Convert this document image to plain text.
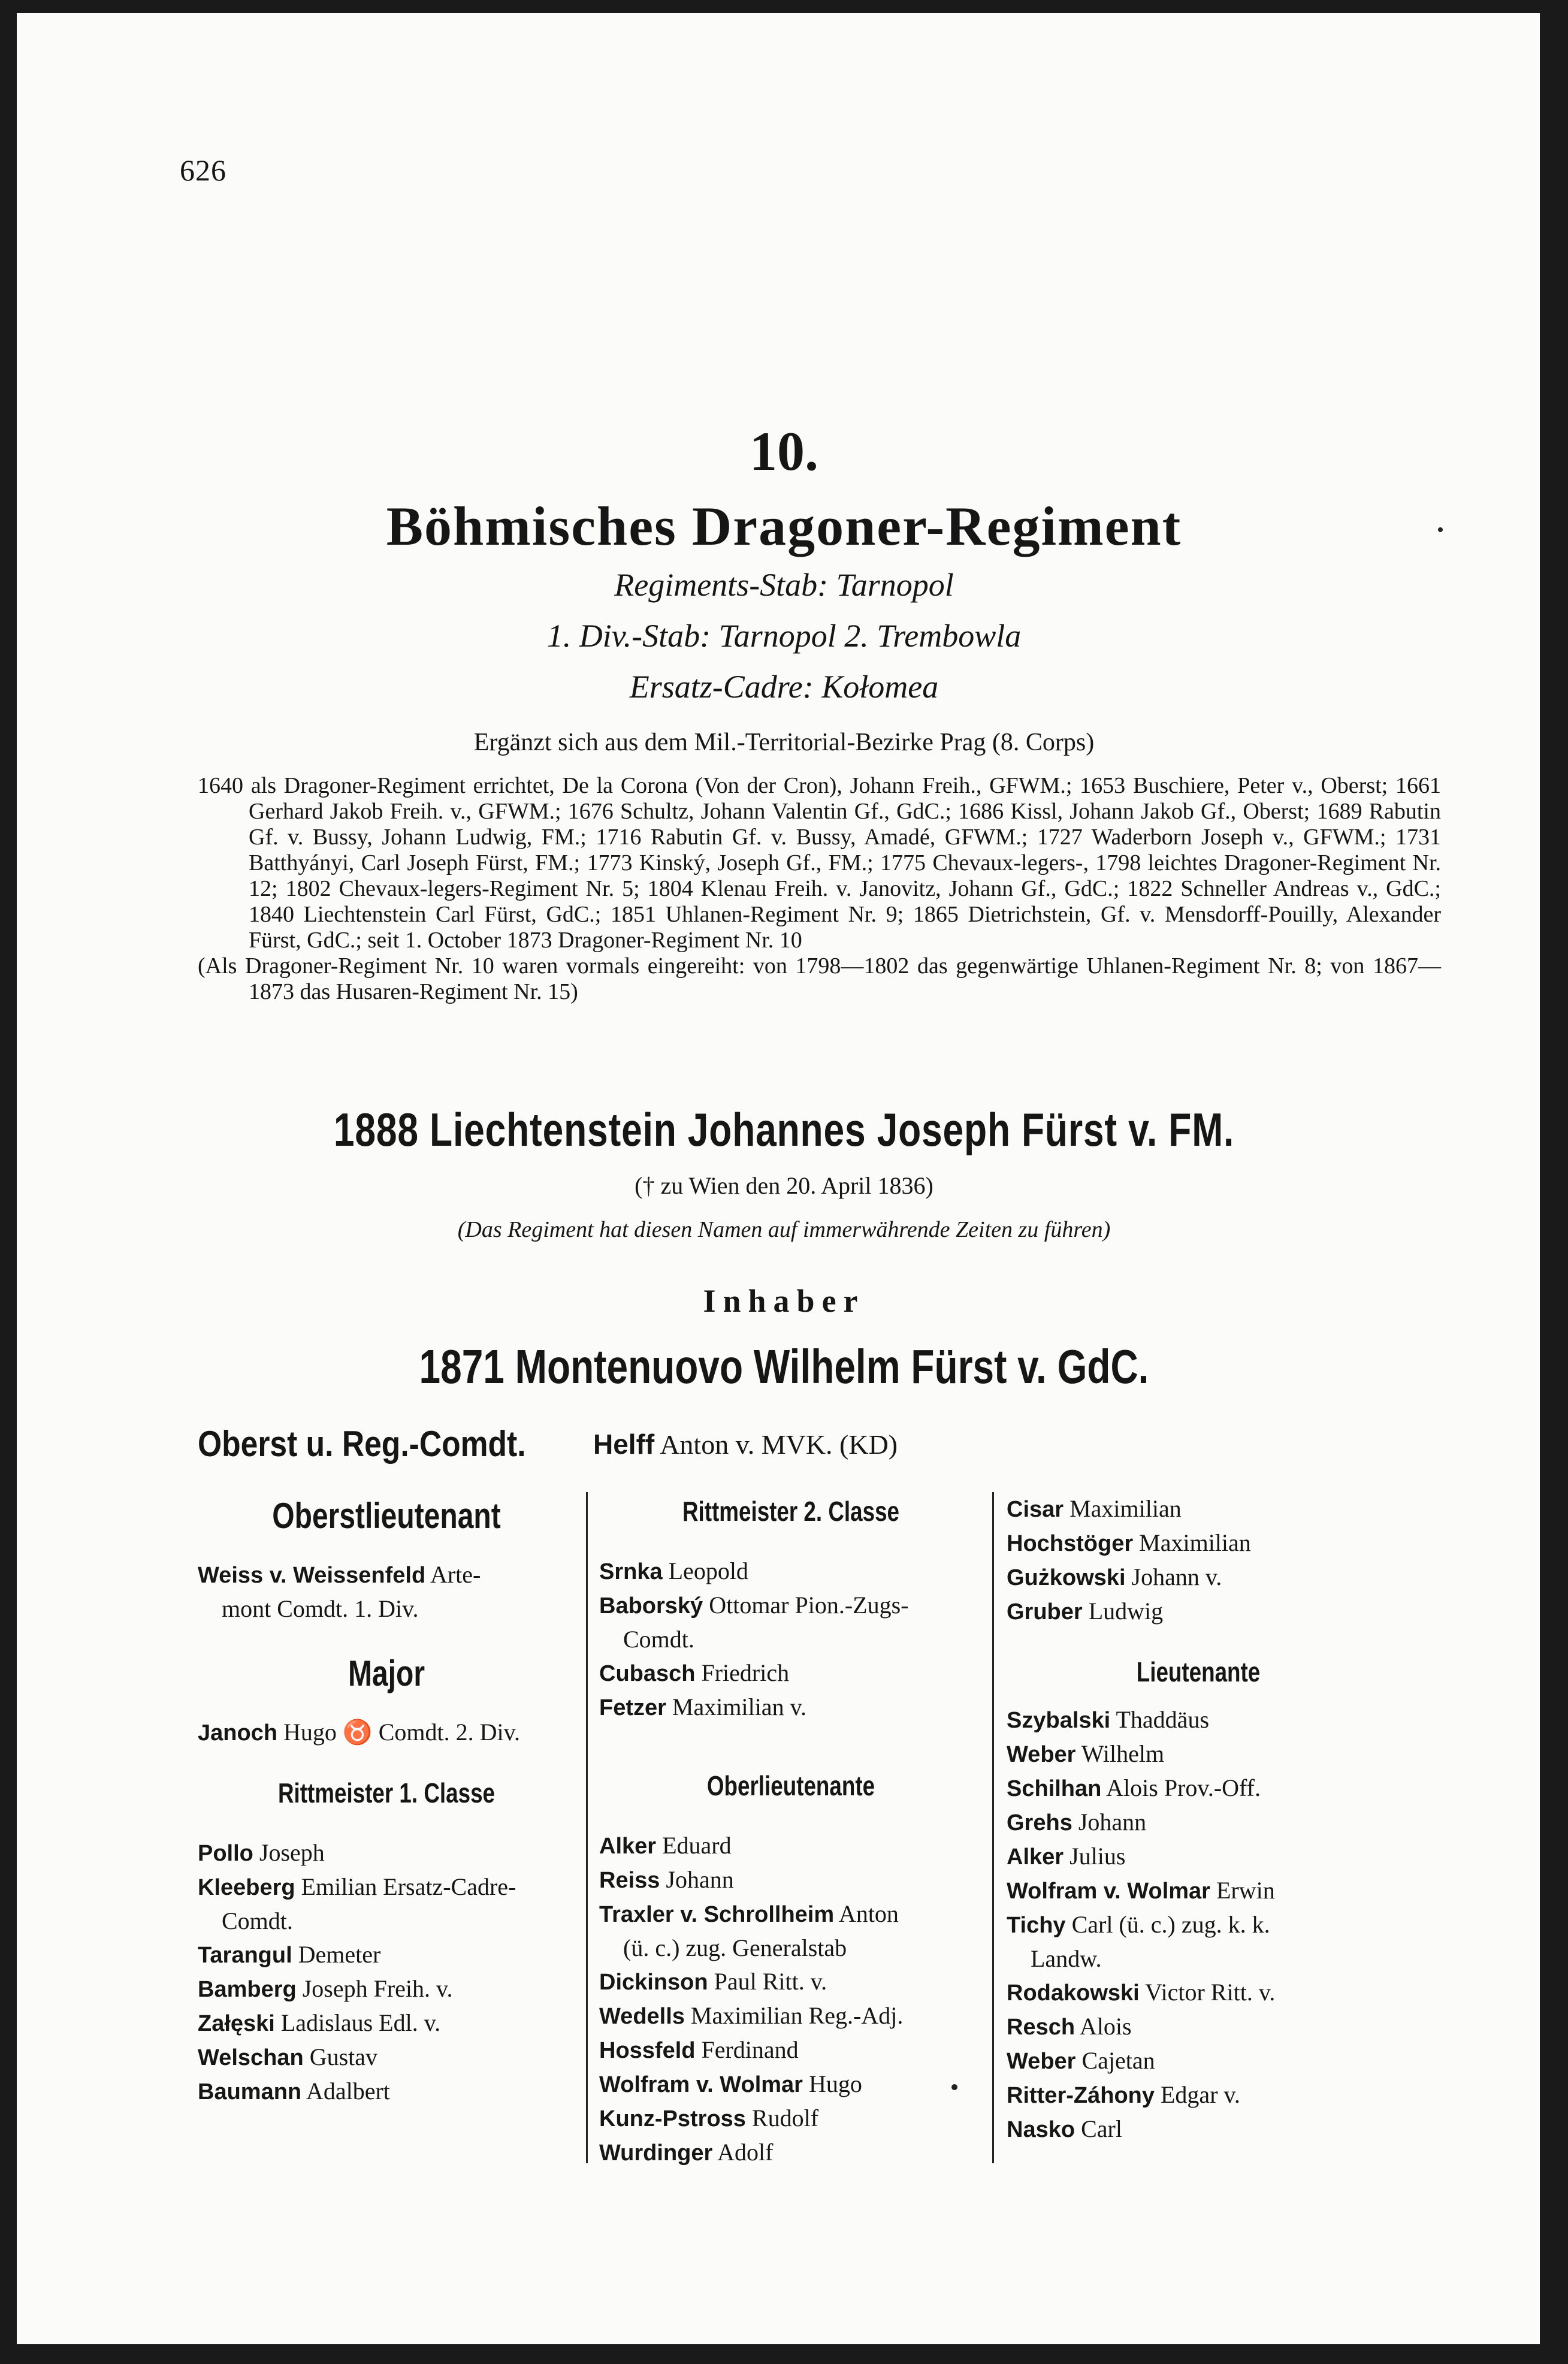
626
10.
Böhmisches Dragoner-Regiment
Regiments-Stab: Tarnopol
1. Div.-Stab: Tarnopol 2. Trembowla
Ersatz-Cadre: Kołomea
Ergänzt sich aus dem Mil.-Territorial-Bezirke Prag (8. Corps)

1640 als Dragoner-Regiment errichtet, De la Corona (Von der Cron), Johann Freih., GFWM.; 1653 Buschiere, Peter v., Oberst; 1661 Gerhard Jakob Freih. v., GFWM.; 1676 Schultz, Johann Valentin Gf., GdC.; 1686 Kissl, Johann Jakob Gf., Oberst; 1689 Rabutin Gf. v. Bussy, Johann Ludwig, FM.; 1716 Rabutin Gf. v. Bussy, Amadé, GFWM.; 1727 Waderborn Joseph v., GFWM.; 1731 Batthyányi, Carl Joseph Fürst, FM.; 1773 Kinský, Joseph Gf., FM.; 1775 Chevaux-legers-, 1798 leichtes Dragoner-Regiment Nr. 12; 1802 Chevaux-legers-Regiment Nr. 5; 1804 Klenau Freih. v. Janovitz, Johann Gf., GdC.; 1822 Schneller Andreas v., GdC.; 1840 Liechtenstein Carl Fürst, GdC.; 1851 Uhlanen-Regiment Nr. 9; 1865 Dietrichstein, Gf. v. Mensdorff-Pouilly, Alexander Fürst, GdC.; seit 1. October 1873 Dragoner-Regiment Nr. 10

(Als Dragoner-Regiment Nr. 10 waren vormals eingereiht: von 1798—1802 das gegenwärtige Uhlanen-Regiment Nr. 8; von 1867—1873 das Husaren-Regiment Nr. 15)

1888 Liechtenstein Johannes Joseph Fürst v. FM.
(† zu Wien den 20. April 1836)
(Das Regiment hat diesen Namen auf immerwährende Zeiten zu führen)
Inhaber
1871 Montenuovo Wilhelm Fürst v. GdC.
Oberst u. Reg.-Comdt. Helff Anton v. MVK. (KD)
Oberstlieutenant
Weiss v. Weissenfeld Arte-
mont Comdt. 1. Div.
Major
Janoch Hugo ♉ Comdt. 2. Div.
Rittmeister 1. Classe
Pollo Joseph
Kleeberg Emilian Ersatz-Cadre-
Comdt.
Tarangul Demeter
Bamberg Joseph Freih. v.
Załęski Ladislaus Edl. v.
Welschan Gustav
Baumann Adalbert
Rittmeister 2. Classe
Srnka Leopold
Baborský Ottomar Pion.-Zugs-
Comdt.
Cubasch Friedrich
Fetzer Maximilian v.
Oberlieutenante
Alker Eduard
Reiss Johann
Traxler v. Schrollheim Anton
(ü. c.) zug. Generalstab
Dickinson Paul Ritt. v.
Wedells Maximilian Reg.-Adj.
Hossfeld Ferdinand
Wolfram v. Wolmar Hugo
Kunz-Pstross Rudolf
Wurdinger Adolf
Cisar Maximilian
Hochstöger Maximilian
Gużkowski Johann v.
Gruber Ludwig
Lieutenante
Szybalski Thaddäus
Weber Wilhelm
Schilhan Alois Prov.-Off.
Grehs Johann
Alker Julius
Wolfram v. Wolmar Erwin
Tichy Carl (ü. c.) zug. k. k.
Landw.
Rodakowski Victor Ritt. v.
Resch Alois
Weber Cajetan
Ritter-Záhony Edgar v.
Nasko Carl
